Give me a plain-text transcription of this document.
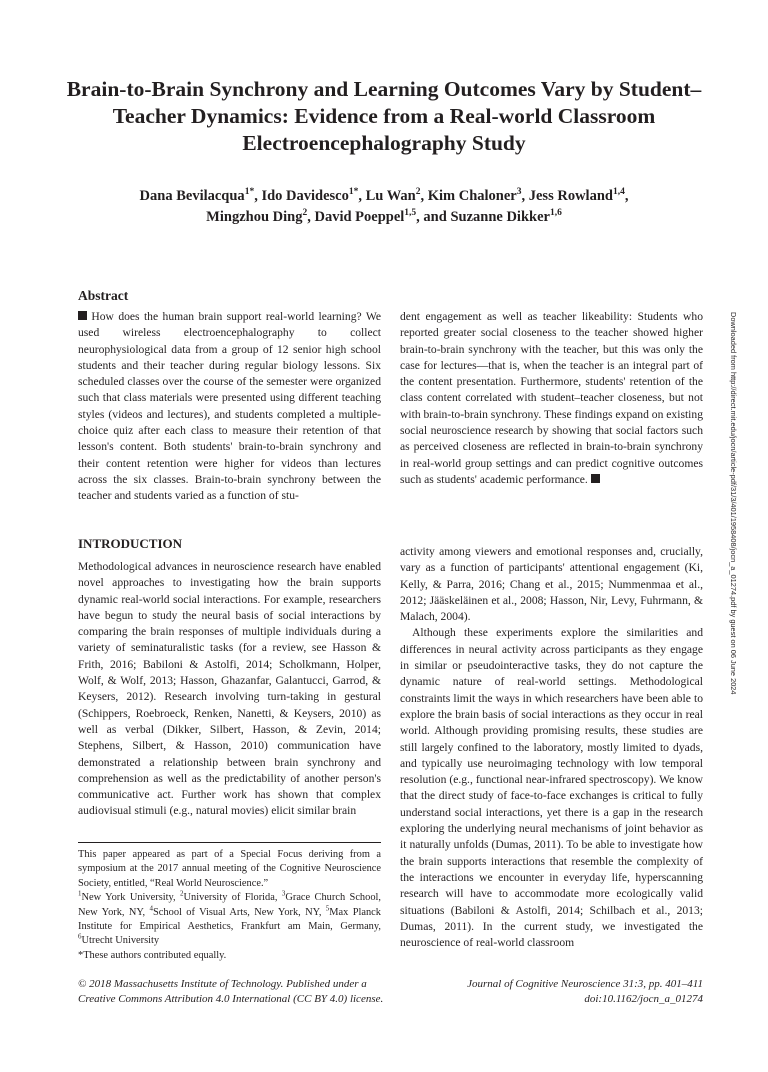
Brain-to-Brain Synchrony and Learning Outcomes Vary by Student–Teacher Dynamics: Evidence from a Real-world Classroom Electroencephalography Study
Dana Bevilacqua$^{1*}$, Ido Davidesco$^{1*}$, Lu Wan$^2$, Kim Chaloner$^3$, Jess Rowland$^{1,4}$,
Mingzhou Ding$^2$, David Poeppel$^{1,5}$, and Suzanne Dikker$^{1,6}$
Abstract

How does the human brain support real-world learning? We used wireless electroencephalography to collect neurophysiological data from a group of 12 senior high school students and their teacher during regular biology lessons. Six scheduled classes over the course of the semester were organized such that class materials were presented using different teaching styles (videos and lectures), and students completed a multiple-choice quiz after each class to measure their retention of that lesson's content. Both students' brain-to-brain synchrony and their content retention were higher for videos than lectures across the six classes. Brain-to-brain synchrony between the teacher and students varied as a function of stu-

dent engagement as well as teacher likeability: Students who reported greater social closeness to the teacher showed higher brain-to-brain synchrony with the teacher, but this was only the case for lectures—that is, when the teacher is an integral part of the content presentation. Furthermore, students' retention of the class content correlated with student–teacher closeness, but not with brain-to-brain synchrony. These findings expand on existing social neuroscience research by showing that social factors such as perceived closeness are reflected in brain-to-brain synchrony in real-world group settings and can predict cognitive outcomes such as students' academic performance.

INTRODUCTION

Methodological advances in neuroscience research have enabled novel approaches to investigating how the brain supports dynamic real-world social interactions. For example, researchers have begun to study the neural basis of social interactions by comparing the brain responses of multiple individuals during a variety of seminaturalistic tasks (for a review, see Hasson & Frith, 2016; Babiloni & Astolfi, 2014; Scholkmann, Holper, Wolf, & Wolf, 2013; Hasson, Ghazanfar, Galantucci, Garrod, & Keysers, 2012). Research involving turn-taking in gestural (Schippers, Roebroeck, Renken, Nanetti, & Keysers, 2010) as well as verbal (Dikker, Silbert, Hasson, & Zevin, 2014; Stephens, Silbert, & Hasson, 2010) communication have demonstrated a relationship between brain synchrony and comprehension as well as the predictability of another person's communicative act. Further work has shown that complex audiovisual stimuli (e.g., natural movies) elicit similar brain

activity among viewers and emotional responses and, crucially, vary as a function of participants' attentional engagement (Ki, Kelly, & Parra, 2016; Chang et al., 2015; Nummenmaa et al., 2012; Jääskeläinen et al., 2008; Hasson, Nir, Levy, Fuhrmann, & Malach, 2004).

Although these experiments explore the similarities and differences in neural activity across participants as they engage in similar or pseudointeractive tasks, they do not capture the dynamic nature of real-world settings. Methodological constraints limit the ways in which researchers have been able to explore the brain basis of social interactions as they occur in real world. Although providing promising results, these studies are still largely confined to the laboratory, mostly limited to dyads, and typically use neuroimaging technology with low temporal resolution (e.g., functional near-infrared spectroscopy). We know that the direct study of face-to-face exchanges is critical to fully understand social interactions, yet there is a gap in the research exploring the underlying neural mechanisms of joint behavior as it naturally unfolds (Dumas, 2011). To be able to investigate how the brain supports interactions that resemble the complexity of the interactions we encounter in everyday life, hyperscanning research will have to accommodate more ecologically valid situations (Babiloni & Astolfi, 2014; Schilbach et al., 2013; Dumas, 2011). In the current study, we investigated the neuroscience of real-world classroom

This paper appeared as part of a Special Focus deriving from a symposium at the 2017 annual meeting of the Cognitive Neuroscience Society, entitled, “Real World Neuroscience.”

$^1$New York University, $^2$University of Florida, $^3$Grace Church School, New York, NY, $^4$School of Visual Arts, New York, NY, $^5$Max Planck Institute for Empirical Aesthetics, Frankfurt am Main, Germany, $^6$Utrecht University

*These authors contributed equally.

© 2018 Massachusetts Institute of Technology. Published under a
Creative Commons Attribution 4.0 International (CC BY 4.0) license.
Journal of Cognitive Neuroscience 31:3, pp. 401–411
doi:10.1162/jocn_a_01274
Downloaded from http://direct.mit.edu/jocn/article-pdf/31/3/401/1958408/jocn_a_01274.pdf by guest on 06 June 2024
